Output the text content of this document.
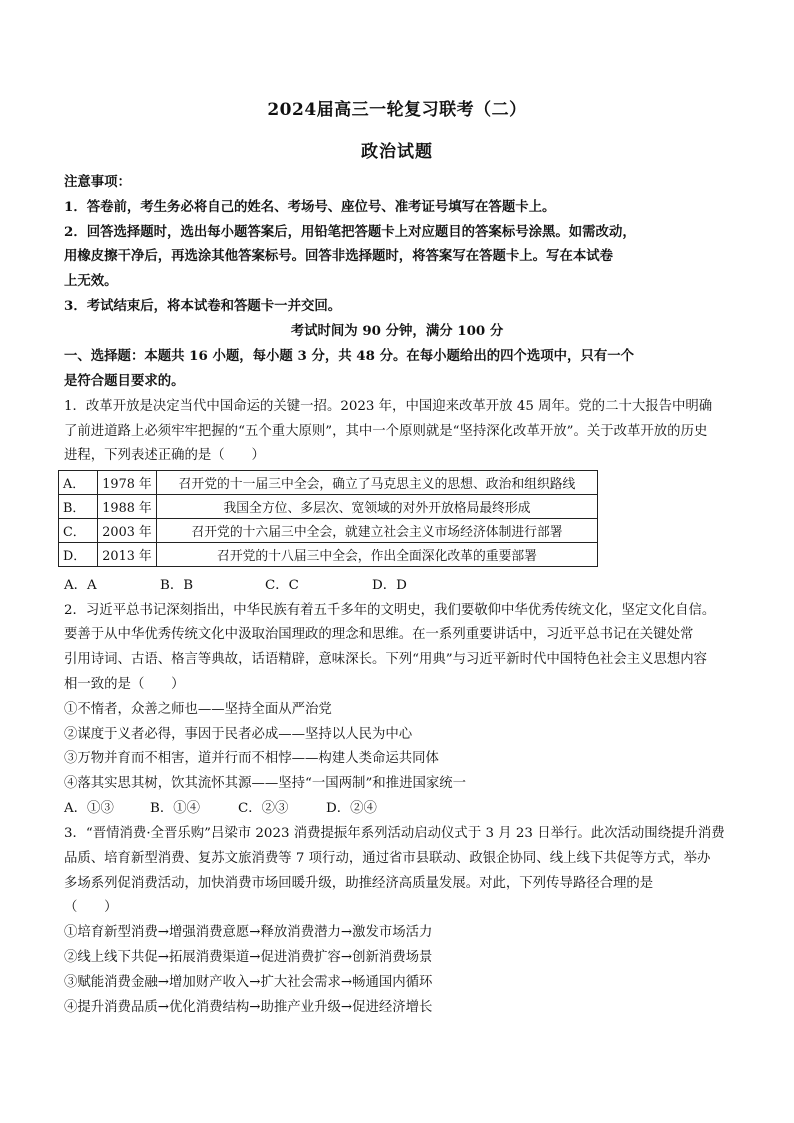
2024届高三一轮复习联考（二）
政治试题
注意事项：
1．答卷前，考生务必将自己的姓名、考场号、座位号、准考证号填写在答题卡上。
2．回答选择题时，选出每小题答案后，用铅笔把答题卡上对应题目的答案标号涂黑。如需改动，
用橡皮擦干净后，再选涂其他答案标号。回答非选择题时，将答案写在答题卡上。写在本试卷
上无效。
3．考试结束后，将本试卷和答题卡一并交回。
考试时间为 90 分钟，满分 100 分
一、选择题：本题共 16 小题，每小题 3 分，共 48 分。在每小题给出的四个选项中，只有一个
是符合题目要求的。
1．改革开放是决定当代中国命运的关键一招。2023 年，中国迎来改革开放 45 周年。党的二十大报告中明确
了前进道路上必须牢牢把握的“五个重大原则”，其中一个原则就是“坚持深化改革开放”。关于改革开放的历史
进程，下列表述正确的是（　　）
A．	1978 年	召开党的十一届三中全会，确立了马克思主义的思想、政治和组织路线
B．	1988 年	我国全方位、多层次、宽领域的对外开放格局最终形成
C．	2003 年	召开党的十六届三中全会，就建立社会主义市场经济体制进行部署
D．	2013 年	召开党的十八届三中全会，作出全面深化改革的重要部署
A．A	B．B	C．C	D．D
2．习近平总书记深刻指出，中华民族有着五千多年的文明史，我们要敬仰中华优秀传统文化，坚定文化自信。
要善于从中华优秀传统文化中汲取治国理政的理念和思维。在一系列重要讲话中，习近平总书记在关键处常
引用诗词、古语、格言等典故，话语精辟，意味深长。下列“用典”与习近平新时代中国特色社会主义思想内容
相一致的是（　　）
①不惰者，众善之师也——坚持全面从严治党
②谋度于义者必得，事因于民者必成——坚持以人民为中心
③万物并育而不相害，道并行而不相悖——构建人类命运共同体
④落其实思其树，饮其流怀其源——坚持“一国两制”和推进国家统一
A．①③	B．①④	C．②③	D．②④
3．“晋情消费·全晋乐购”吕梁市 2023 消费提振年系列活动启动仪式于 3 月 23 日举行。此次活动围绕提升消费
品质、培育新型消费、复苏文旅消费等 7 项行动，通过省市县联动、政银企协同、线上线下共促等方式，举办
多场系列促消费活动，加快消费市场回暖升级，助推经济高质量发展。对此，下列传导路径合理的是
（　　）
①培育新型消费→增强消费意愿→释放消费潜力→激发市场活力
②线上线下共促→拓展消费渠道→促进消费扩容→创新消费场景
③赋能消费金融→增加财产收入→扩大社会需求→畅通国内循环
④提升消费品质→优化消费结构→助推产业升级→促进经济增长
